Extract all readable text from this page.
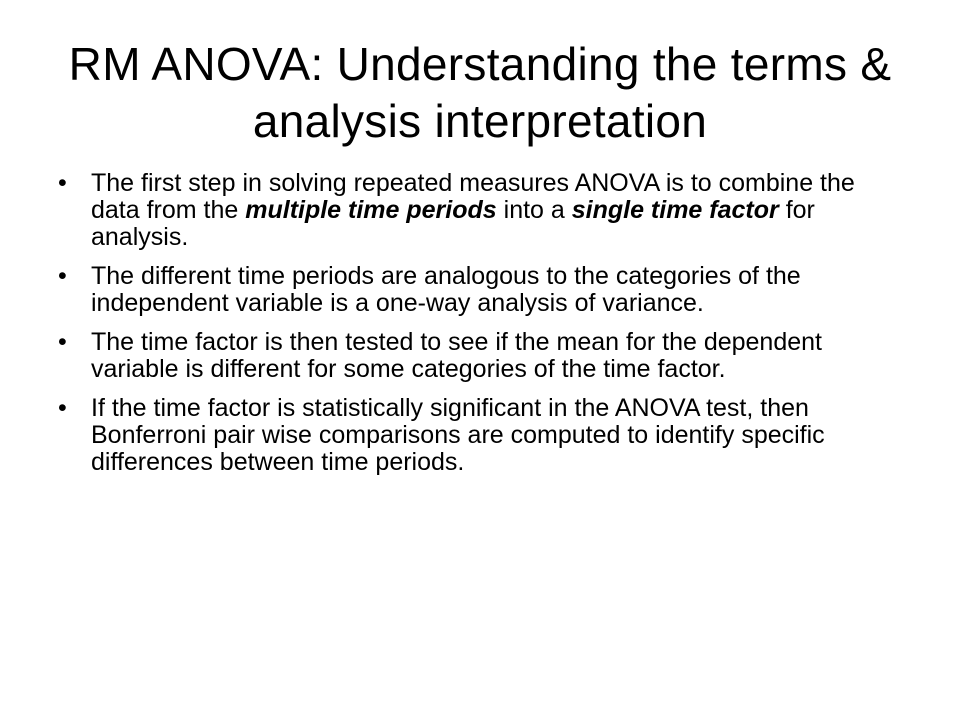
RM ANOVA: Understanding the terms & analysis interpretation
• The first step in solving repeated measures ANOVA is to combine the data from the multiple time periods into a single time factor for analysis.
• The different time periods are analogous to the categories of the independent variable is a one-way analysis of variance.
• The time factor is then tested to see if the mean for the dependent variable is different for some categories of the time factor.
• If the time factor is statistically significant in the ANOVA test, then Bonferroni pair wise comparisons are computed to identify specific differences between time periods.
